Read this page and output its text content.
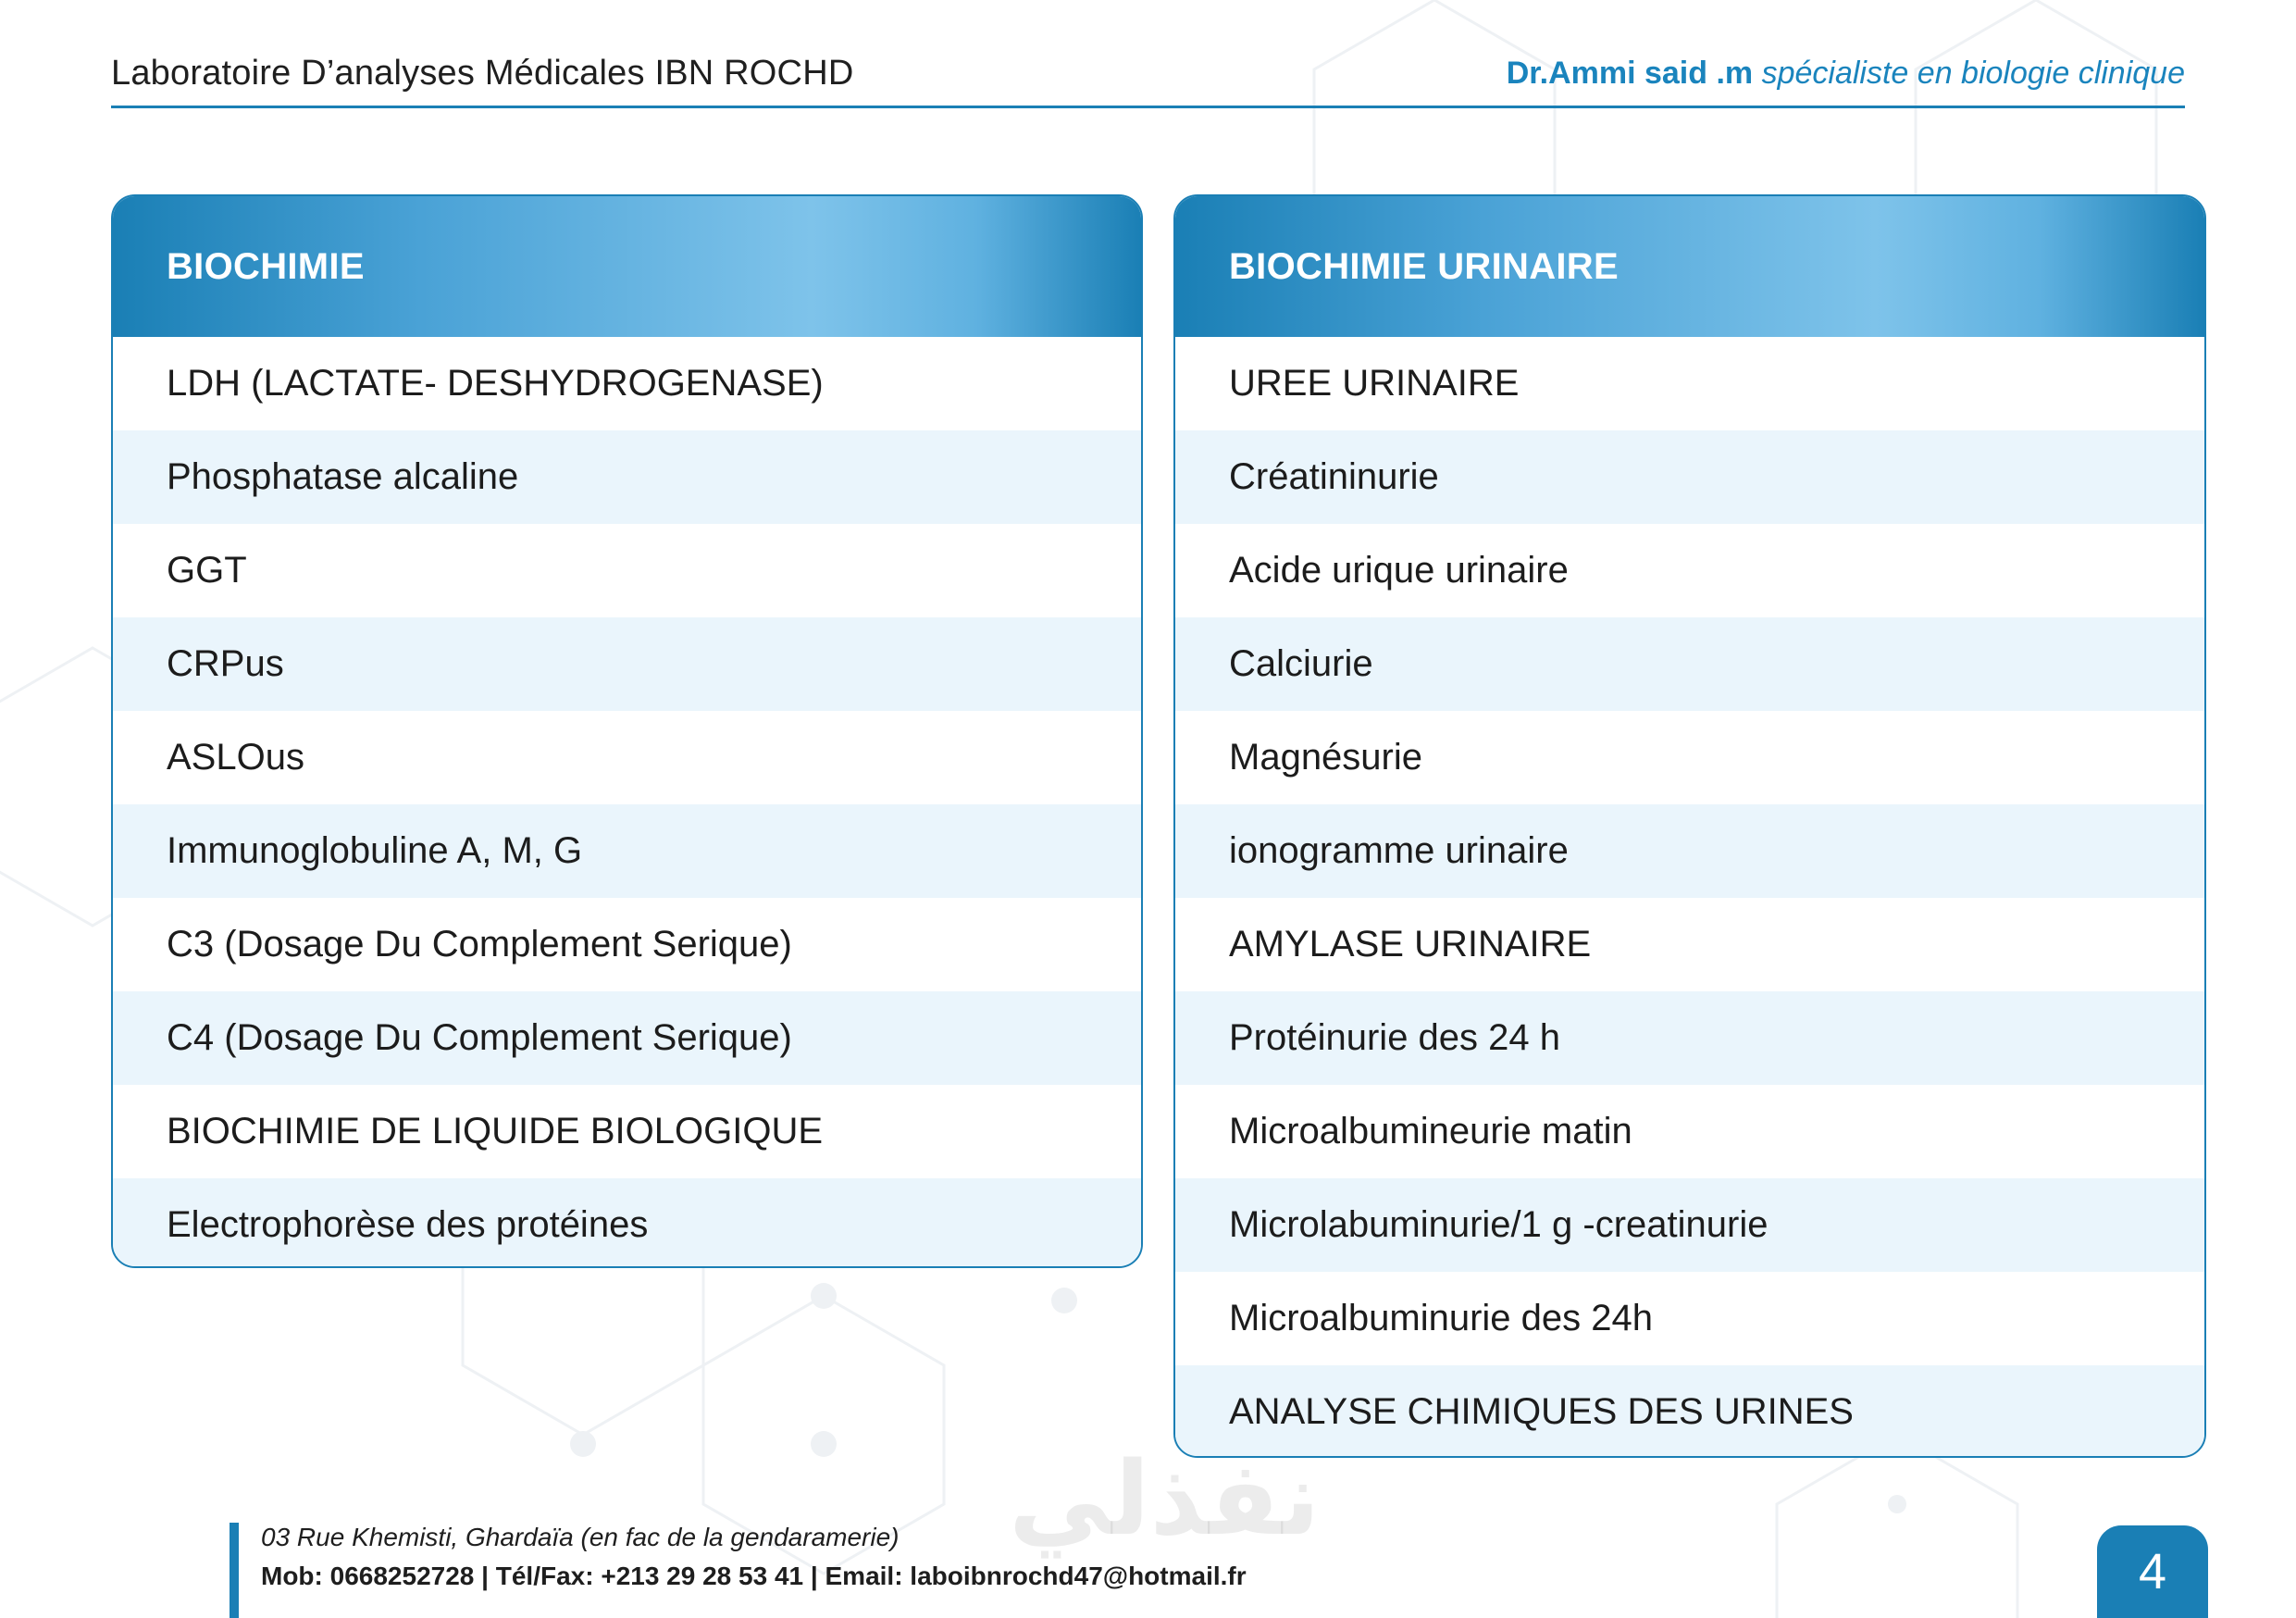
Laboratoire D’analyses Médicales IBN ROCHD	Dr.Ammi said .m spécialiste en biologie clinique
BIOCHIMIE
LDH (LACTATE- DESHYDROGENASE)
Phosphatase alcaline
GGT
CRPus
ASLOus
Immunoglobuline A, M, G
C3 (Dosage Du Complement Serique)
C4 (Dosage Du Complement Serique)
BIOCHIMIE DE LIQUIDE BIOLOGIQUE
Electrophorèse des protéines
BIOCHIMIE URINAIRE
UREE URINAIRE
Créatininurie
Acide urique urinaire
Calciurie
Magnésurie
ionogramme urinaire
AMYLASE URINAIRE
Protéinurie des 24 h
Microalbumineurie matin
Microlabuminurie/1 g -creatinurie
Microalbuminurie des 24h
ANALYSE CHIMIQUES DES URINES
نفذلي
03 Rue Khemisti, Ghardaïa (en fac de la gendaramerie)
Mob: 0668252728 | Tél/Fax: +213 29 28 53 41 | Email: laboibnrochd47@hotmail.fr	4
